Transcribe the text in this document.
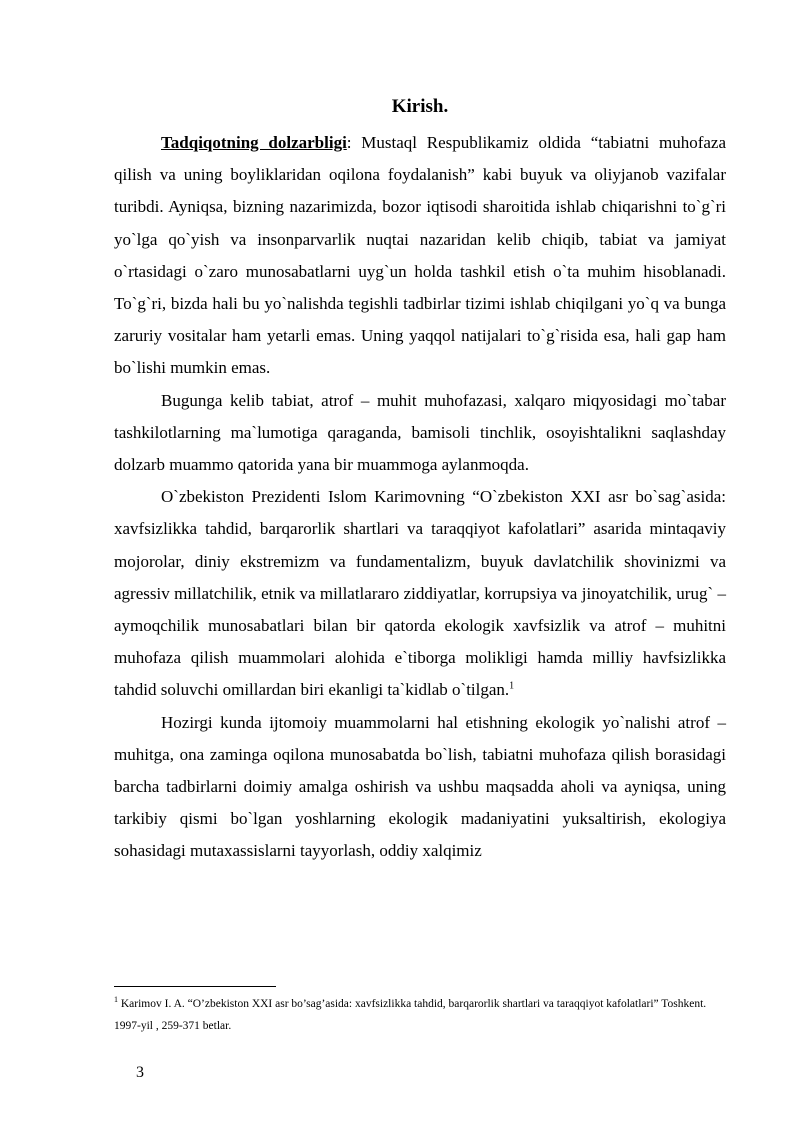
Kirish.

Tadqiqotning dolzarbligi: Mustaql Respublikamiz oldida “tabiatni muhofaza qilish va uning boyliklaridan oqilona foydalanish” kabi buyuk va oliyjanob vazifalar turibdi. Ayniqsa, bizning nazarimizda, bozor iqtisodi sharoitida ishlab chiqarishni to`g`ri yo`lga qo`yish va insonparvarlik nuqtai nazaridan kelib chiqib, tabiat va jamiyat o`rtasidagi o`zaro munosabatlarni uyg`un holda tashkil etish o`ta muhim hisoblanadi. To`g`ri, bizda hali bu yo`nalishda tegishli tadbirlar tizimi ishlab chiqilgani yo`q va bunga zaruriy vositalar ham yetarli emas. Uning yaqqol natijalari to`g`risida esa, hali gap ham bo`lishi mumkin emas.

Bugunga kelib tabiat, atrof – muhit muhofazasi, xalqaro miqyosidagi mo`tabar tashkilotlarning ma`lumotiga qaraganda, bamisoli tinchlik, osoyishtalikni saqlashday dolzarb muammo qatorida yana bir muammoga aylanmoqda.

O`zbekiston Prezidenti Islom Karimovning “O`zbekiston XXI asr bo`sag`asida: xavfsizlikka tahdid, barqarorlik shartlari va taraqqiyot kafolatlari” asarida mintaqaviy mojorolar, diniy ekstremizm va fundamentalizm, buyuk davlatchilik shovinizmi va agressiv millatchilik, etnik va millatlararo ziddiyatlar, korrupsiya va jinoyatchilik, urug` – aymoqchilik munosabatlari bilan bir qatorda ekologik xavfsizlik va atrof – muhitni muhofaza qilish muammolari alohida e`tiborga molikligi hamda milliy havfsizlikka tahdid soluvchi omillardan biri ekanligi ta`kidlab o`tilgan.$^1$

Hozirgi kunda ijtomoiy muammolarni hal etishning ekologik yo`nalishi atrof – muhitga, ona zaminga oqilona munosabatda bo`lish, tabiatni muhofaza qilish borasidagi barcha tadbirlarni doimiy amalga oshirish va ushbu maqsadda aholi va ayniqsa, uning tarkibiy qismi bo`lgan yoshlarning ekologik madaniyatini yuksaltirish, ekologiya sohasidagi mutaxassislarni tayyorlash, oddiy xalqimiz

$^1$ Karimov I. A. “O’zbekiston XXI asr bo’sag’asida: xavfsizlikka tahdid, barqarorlik shartlari va taraqqiyot kafolatlari” Toshkent. 1997-yil , 259-371 betlar.

3
